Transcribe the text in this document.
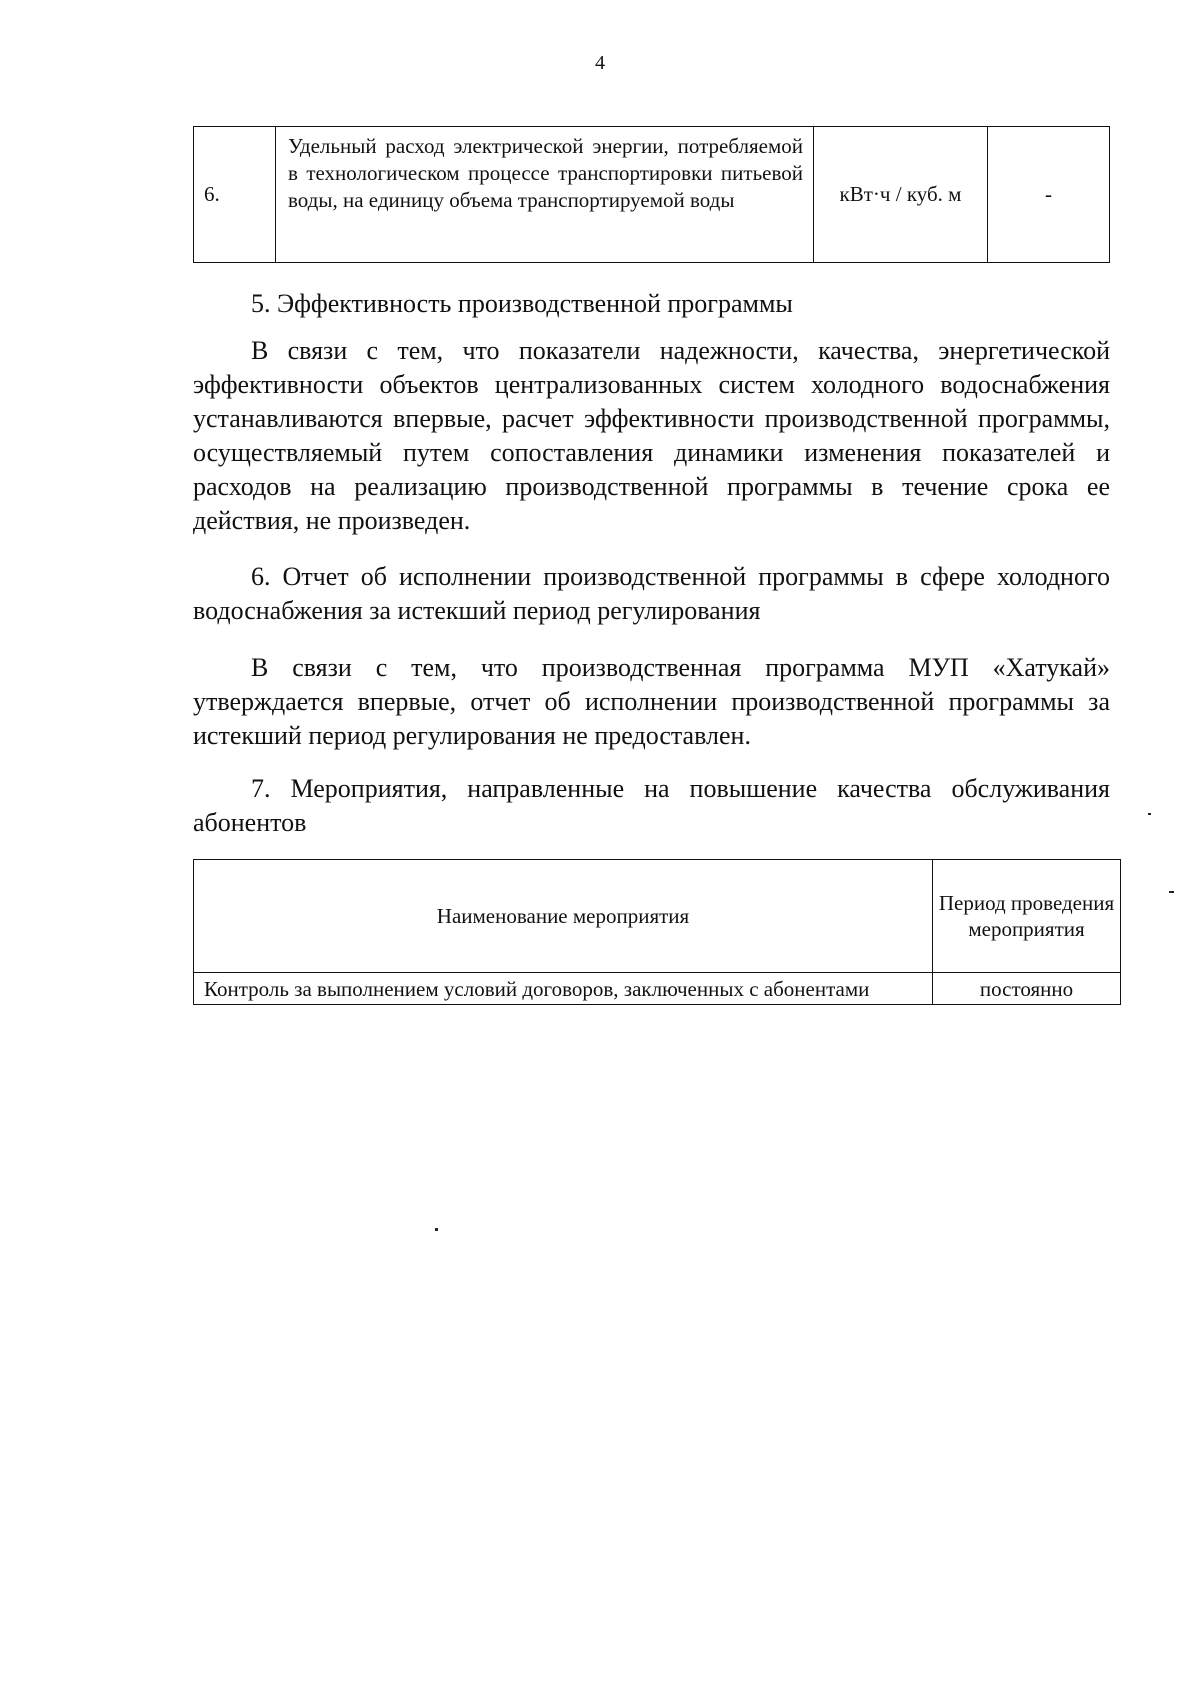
4
6.	Удельный расход электрической энергии, потребляемой в технологическом процессе транспортировки питьевой воды, на единицу объема транспортируемой воды	кВт·ч / куб. м	-

5. Эффективность производственной программы

В связи с тем, что показатели надежности, качества, энергетической эффективности объектов централизованных систем холодного водоснабжения устанавливаются впервые, расчет эффективности производственной программы, осуществляемый путем сопоставления динамики изменения показателей и расходов на реализацию производственной программы в течение срока ее действия, не произведен.

6. Отчет об исполнении производственной программы в сфере холодного водоснабжения за истекший период регулирования

В связи с тем, что производственная программа МУП «Хатукай» утверждается впервые, отчет об исполнении производственной программы за истекший период регулирования не предоставлен.

7. Мероприятия, направленные на повышение качества обслуживания абонентов

Наименование мероприятия	Период проведения мероприятия
Контроль за выполнением условий договоров, заключенных с абонентами	постоянно
